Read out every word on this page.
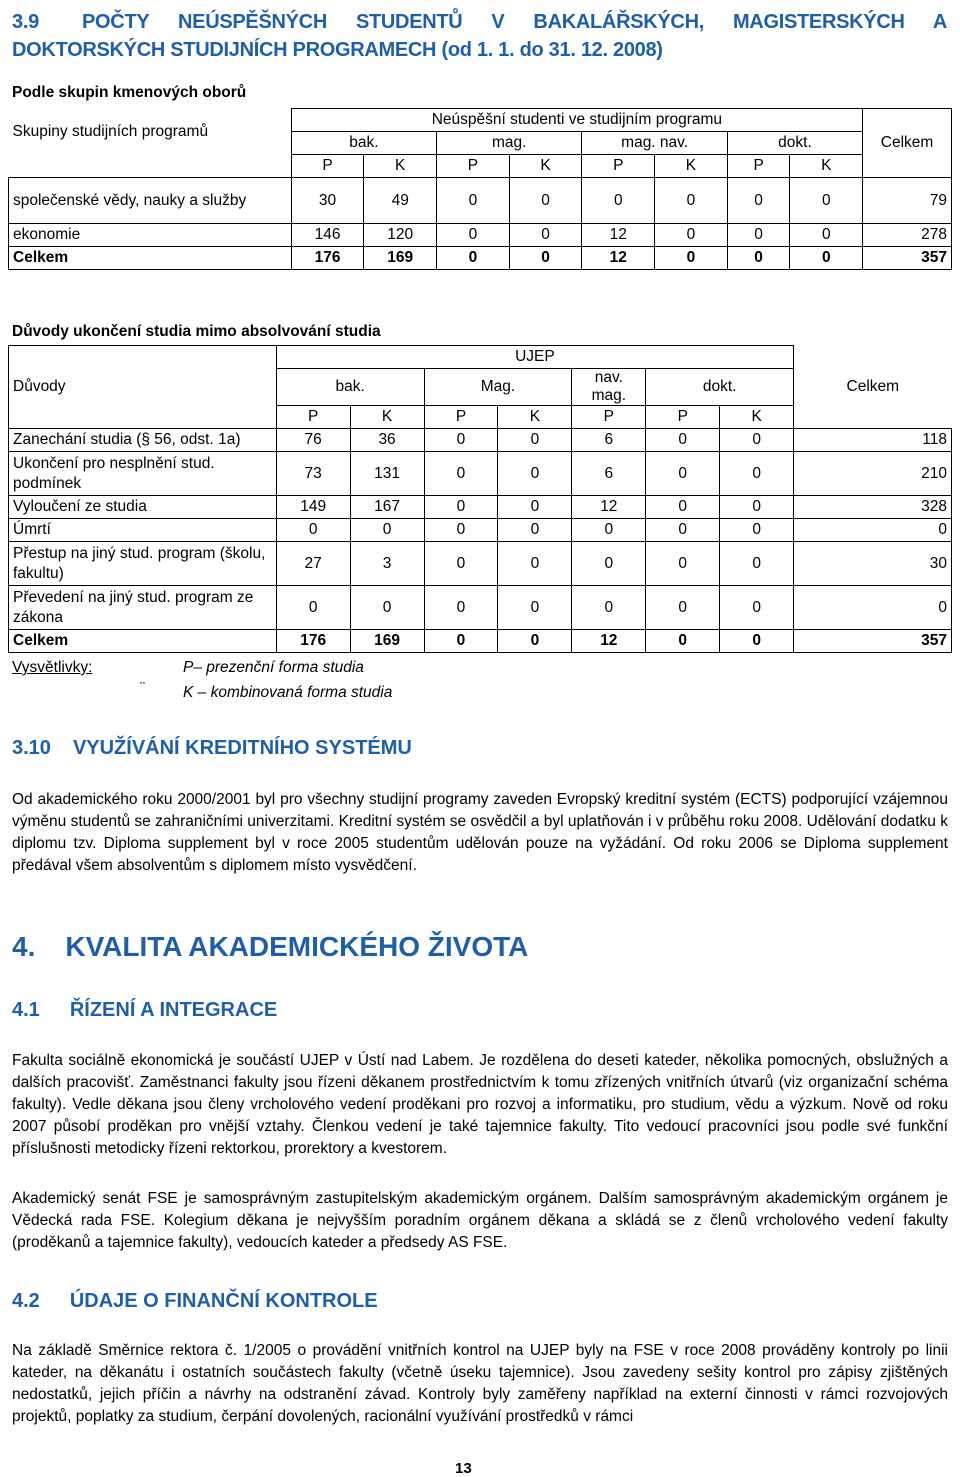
3.9 POČTY NEÚSPĚŠNÝCH STUDENTŮ V BAKALÁŘSKÝCH, MAGISTERSKÝCH A DOKTORSKÝCH STUDIJNÍCH PROGRAMECH (od 1. 1. do 31. 12. 2008)
Podle skupin kmenových oborů
Skupiny studijních programů	Neúspěšní studenti ve studijním programu								Celkem
	bak.		mag.		mag. nav.		dokt.		
	P	K	P	K	P	K	P	K	
společenské vědy, nauky a služby	30	49	0	0	0	0	0	0	79
ekonomie	146	120	0	0	12	0	0	0	278
Celkem	176	169	0	0	12	0	0	0	357
Důvody ukončení studia mimo absolvování studia
Důvody	UJEP							Celkem
	bak.		Mag.		nav. mag.	dokt.		
	P	K	P	K	P	P	K	
Zanechání studia (§ 56, odst. 1a)	76	36	0	0	6	0	0	118
Ukončení pro nesplnění stud. podmínek	73	131	0	0	6	0	0	210
Vyloučení ze studia	149	167	0	0	12	0	0	328
Úmrtí	0	0	0	0	0	0	0	0
Přestup na jiný stud. program (školu, fakultu)	27	3	0	0	0	0	0	30
Převedení na jiný stud. program ze zákona	0	0	0	0	0	0	0	0
Celkem	176	169	0	0	12	0	0	357
Vysvětlivky:	P– prezenční forma studia
¨ K – kombinovaná forma studia
3.10 VYUŽÍVÁNÍ KREDITNÍHO SYSTÉMU
Od akademického roku 2000/2001 byl pro všechny studijní programy zaveden Evropský kreditní systém (ECTS) podporující vzájemnou výměnu studentů se zahraničními univerzitami. Kreditní systém se osvědčil a byl uplatňován i v průběhu roku 2008. Udělování dodatku k diplomu tzv. Diploma supplement byl v roce 2005 studentům udělován pouze na vyžádání. Od roku 2006 se Diploma supplement předával všem absolventům s diplomem místo vysvědčení.
4. KVALITA AKADEMICKÉHO ŽIVOTA
4.1 ŘÍZENÍ A INTEGRACE
Fakulta sociálně ekonomická je součástí UJEP v Ústí nad Labem. Je rozdělena do deseti kateder, několika pomocných, obslužných a dalších pracovišť. Zaměstnanci fakulty jsou řízeni děkanem prostřednictvím k tomu zřízených vnitřních útvarů (viz organizační schéma fakulty). Vedle děkana jsou členy vrcholového vedení proděkani pro rozvoj a informatiku, pro studium, vědu a výzkum. Nově od roku 2007 působí proděkan pro vnější vztahy. Členkou vedení je také tajemnice fakulty. Tito vedoucí pracovníci jsou podle své funkční příslušnosti metodicky řízeni rektorkou, prorektory a kvestorem.
Akademický senát FSE je samosprávným zastupitelským akademickým orgánem. Dalším samosprávným akademickým orgánem je Vědecká rada FSE. Kolegium děkana je nejvyšším poradním orgánem děkana a skládá se z členů vrcholového vedení fakulty (proděkanů a tajemnice fakulty), vedoucích kateder a předsedy AS FSE.
4.2 ÚDAJE O FINANČNÍ KONTROLE
Na základě Směrnice rektora č. 1/2005 o provádění vnitřních kontrol na UJEP byly na FSE v roce 2008 prováděny kontroly po linii kateder, na děkanátu i ostatních součástech fakulty (včetně úseku tajemnice). Jsou zavedeny sešity kontrol pro zápisy zjištěných nedostatků, jejich příčin a návrhy na odstranění závad. Kontroly byly zaměřeny například na externí činnosti v rámci rozvojových projektů, poplatky za studium, čerpání dovolených, racionální využívání prostředků v rámci
13
